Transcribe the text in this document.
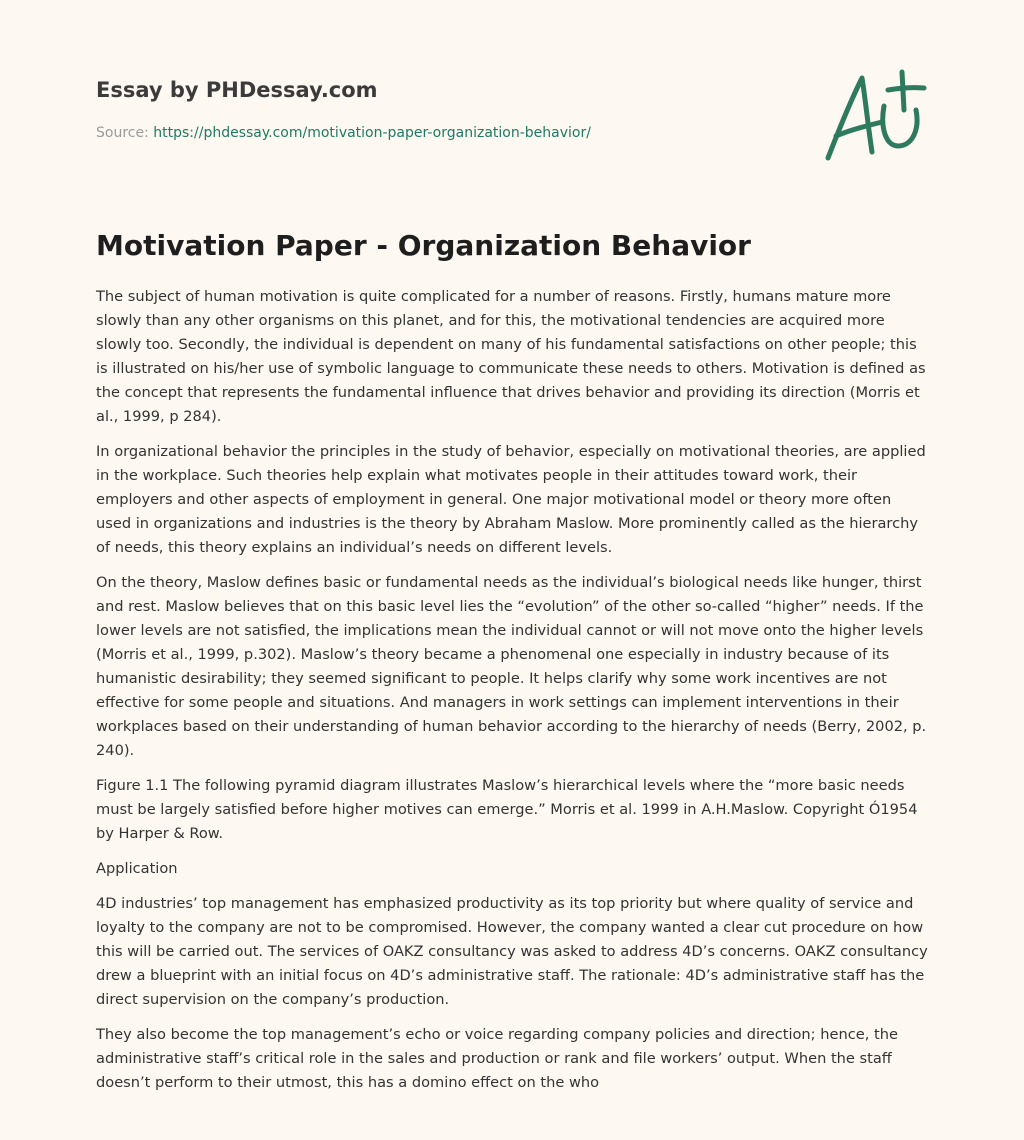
Essay by PHDessay.com
Source: https://phdessay.com/motivation-paper-organization-behavior/
Motivation Paper - Organization Behavior

The subject of human motivation is quite complicated for a number of reasons. Firstly, humans mature more slowly than any other organisms on this planet, and for this, the motivational tendencies are acquired more slowly too. Secondly, the individual is dependent on many of his fundamental satisfactions on other people; this is illustrated on his/her use of symbolic language to communicate these needs to others. Motivation is defined as the concept that represents the fundamental influence that drives behavior and providing its direction (Morris et al., 1999, p 284).

In organizational behavior the principles in the study of behavior, especially on motivational theories, are applied in the workplace. Such theories help explain what motivates people in their attitudes toward work, their employers and other aspects of employment in general. One major motivational model or theory more often used in organizations and industries is the theory by Abraham Maslow. More prominently called as the hierarchy of needs, this theory explains an individual’s needs on different levels.

On the theory, Maslow defines basic or fundamental needs as the individual’s biological needs like hunger, thirst and rest. Maslow believes that on this basic level lies the “evolution” of the other so-called “higher” needs. If the lower levels are not satisfied, the implications mean the individual cannot or will not move onto the higher levels (Morris et al., 1999, p.302). Maslow’s theory became a phenomenal one especially in industry because of its humanistic desirability; they seemed significant to people. It helps clarify why some work incentives are not effective for some people and situations. And managers in work settings can implement interventions in their workplaces based on their understanding of human behavior according to the hierarchy of needs (Berry, 2002, p. 240).

Figure 1.1 The following pyramid diagram illustrates Maslow’s hierarchical levels where the “more basic needs must be largely satisfied before higher motives can emerge.” Morris et al. 1999 in A.H.Maslow. Copyright Ó1954 by Harper & Row.

Application

4D industries’ top management has emphasized productivity as its top priority but where quality of service and loyalty to the company are not to be compromised. However, the company wanted a clear cut procedure on how this will be carried out. The services of OAKZ consultancy was asked to address 4D’s concerns. OAKZ consultancy drew a blueprint with an initial focus on 4D’s administrative staff. The rationale: 4D’s administrative staff has the direct supervision on the company’s production.

They also become the top management’s echo or voice regarding company policies and direction; hence, the administrative staff’s critical role in the sales and production or rank and file workers’ output. When the staff doesn’t perform to their utmost, this has a domino effect on the who
